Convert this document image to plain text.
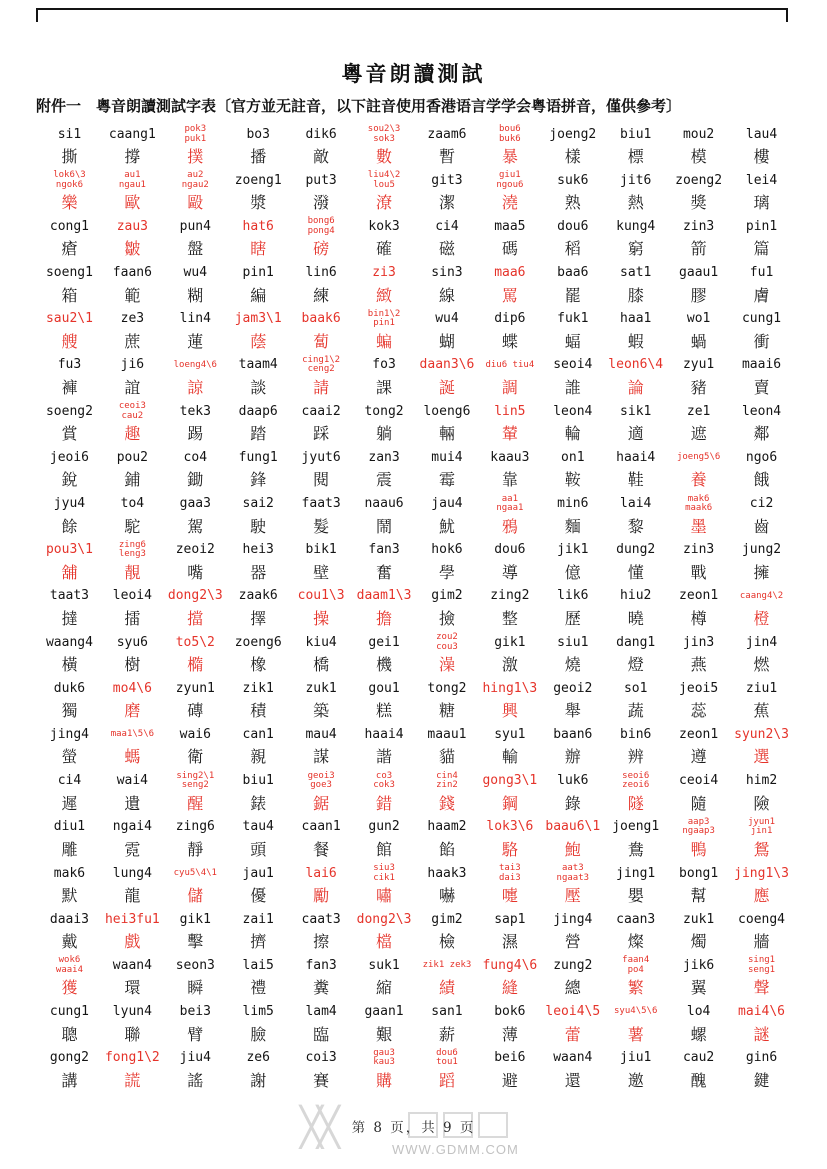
粵音朗讀測試
附件一　粵音朗讀測試字表〔官方並无註音，以下註音使用香港语言学学会粤语拼音，僅供參考〕
si1
撕
caang1
撐
pok3
puk1
撲
bo3
播
dik6
敵
sou2\3
sok3
數
zaam6
暫
bou6
buk6
暴
joeng2
樣
biu1
標
mou2
模
lau4
樓
lok6\3
ngok6
樂
au1
ngau1
歐
au2
ngau2
毆
zoeng1
漿
put3
潑
liu4\2
lou5
潦
git3
潔
giu1
ngou6
澆
suk6
熟
jit6
熱
zoeng2
獎
lei4
璃
cong1
瘡
zau3
皺
pun4
盤
hat6
瞎
bong6
pong4
磅
kok3
確
ci4
磁
maa5
碼
dou6
稻
kung4
窮
zin3
箭
pin1
篇
soeng1
箱
faan6
範
wu4
糊
pin1
編
lin6
練
zi3
緻
sin3
線
maa6
罵
baa6
罷
sat1
膝
gaau1
膠
fu1
膚
sau2\1
艘
ze3
蔗
lin4
蓮
jam3\1
蔭
baak6
蔔
bin1\2
pin1
蝙
wu4
蝴
dip6
蝶
fuk1
蝠
haa1
蝦
wo1
蝸
cung1
衝
fu3
褲
ji6
誼
loeng4\6
諒
taam4
談
cing1\2
ceng2
請
fo3
課
daan3\6
誕
diu6 tiu4
調
seoi4
誰
leon6\4
論
zyu1
豬
maai6
賣
soeng2
賞
ceoi3
cau2
趣
tek3
踢
daap6
踏
caai2
踩
tong2
躺
loeng6
輛
lin5
輦
leon4
輪
sik1
適
ze1
遮
leon4
鄰
jeoi6
銳
pou2
鋪
co4
鋤
fung1
鋒
jyut6
閱
zan3
震
mui4
霉
kaau3
靠
on1
鞍
haai4
鞋
joeng5\6
養
ngo6
餓
jyu4
餘
to4
駝
gaa3
駕
sai2
駛
faat3
髮
naau6
鬧
jau4
魷
aa1
ngaa1
鴉
min6
麵
lai4
黎
mak6
maak6
墨
ci2
齒
pou3\1
舖
zing6
leng3
靚
zeoi2
嘴
hei3
器
bik1
壁
fan3
奮
hok6
學
dou6
導
jik1
億
dung2
懂
zin3
戰
jung2
擁
taat3
撻
leoi4
擂
dong2\3
擋
zaak6
擇
cou1\3
操
daam1\3
擔
gim2
撿
zing2
整
lik6
歷
hiu2
曉
zeon1
樽
caang4\2
橙
waang4
橫
syu6
樹
to5\2
橢
zoeng6
橡
kiu4
橋
gei1
機
zou2
cou3
澡
gik1
激
siu1
燒
dang1
燈
jin3
燕
jin4
燃
duk6
獨
mo4\6
磨
zyun1
磚
zik1
積
zuk1
築
gou1
糕
tong2
糖
hing1\3
興
geoi2
舉
so1
蔬
jeoi5
蕊
ziu1
蕉
jing4
螢
maa1\5\6
螞
wai6
衛
can1
親
mau4
謀
haai4
諧
maau1
貓
syu1
輸
baan6
辦
bin6
辨
zeon1
遵
syun2\3
選
ci4
遲
wai4
遺
sing2\1
seng2
醒
biu1
錶
geoi3
goe3
鋸
co3
cok3
錯
cin4
zin2
錢
gong3\1
鋼
luk6
錄
seoi6
zeoi6
隧
ceoi4
隨
him2
險
diu1
雕
ngai4
霓
zing6
靜
tau4
頭
caan1
餐
gun2
館
haam2
餡
lok3\6
駱
baau6\1
鮑
joeng1
鴦
aap3
ngaap3
鴨
jyun1
jin1
鴛
mak6
默
lung4
龍
cyu5\4\1
儲
jau1
優
lai6
勵
siu3
cik1
嘯
haak3
嚇
tai3
dai3
嚏
aat3
ngaat3
壓
jing1
嬰
bong1
幫
jing1\3
應
daai3
戴
hei3fu1
戲
gik1
擊
zai1
擠
caat3
擦
dong2\3
檔
gim2
檢
sap1
濕
jing4
營
caan3
燦
zuk1
燭
coeng4
牆
wok6
waai4
獲
waan4
環
seon3
瞬
lai5
禮
fan3
糞
suk1
縮
zik1 zek3
績
fung4\6
縫
zung2
總
faan4
po4
繁
jik6
翼
sing1
seng1
聲
cung1
聰
lyun4
聯
bei3
臂
lim5
臉
lam4
臨
gaan1
艱
san1
薪
bok6
薄
leoi4\5
蕾
syu4\5\6
薯
lo4
螺
mai4\6
謎
gong2
講
fong1\2
謊
jiu4
謠
ze6
謝
coi3
賽
gau3
kau3
購
dou6
tou1
蹈
bei6
避
waan4
還
jiu1
邀
cau2
醜
gin6
鍵
╳╳
WWW.GDMM.COM
第 8 页，共 9 页
